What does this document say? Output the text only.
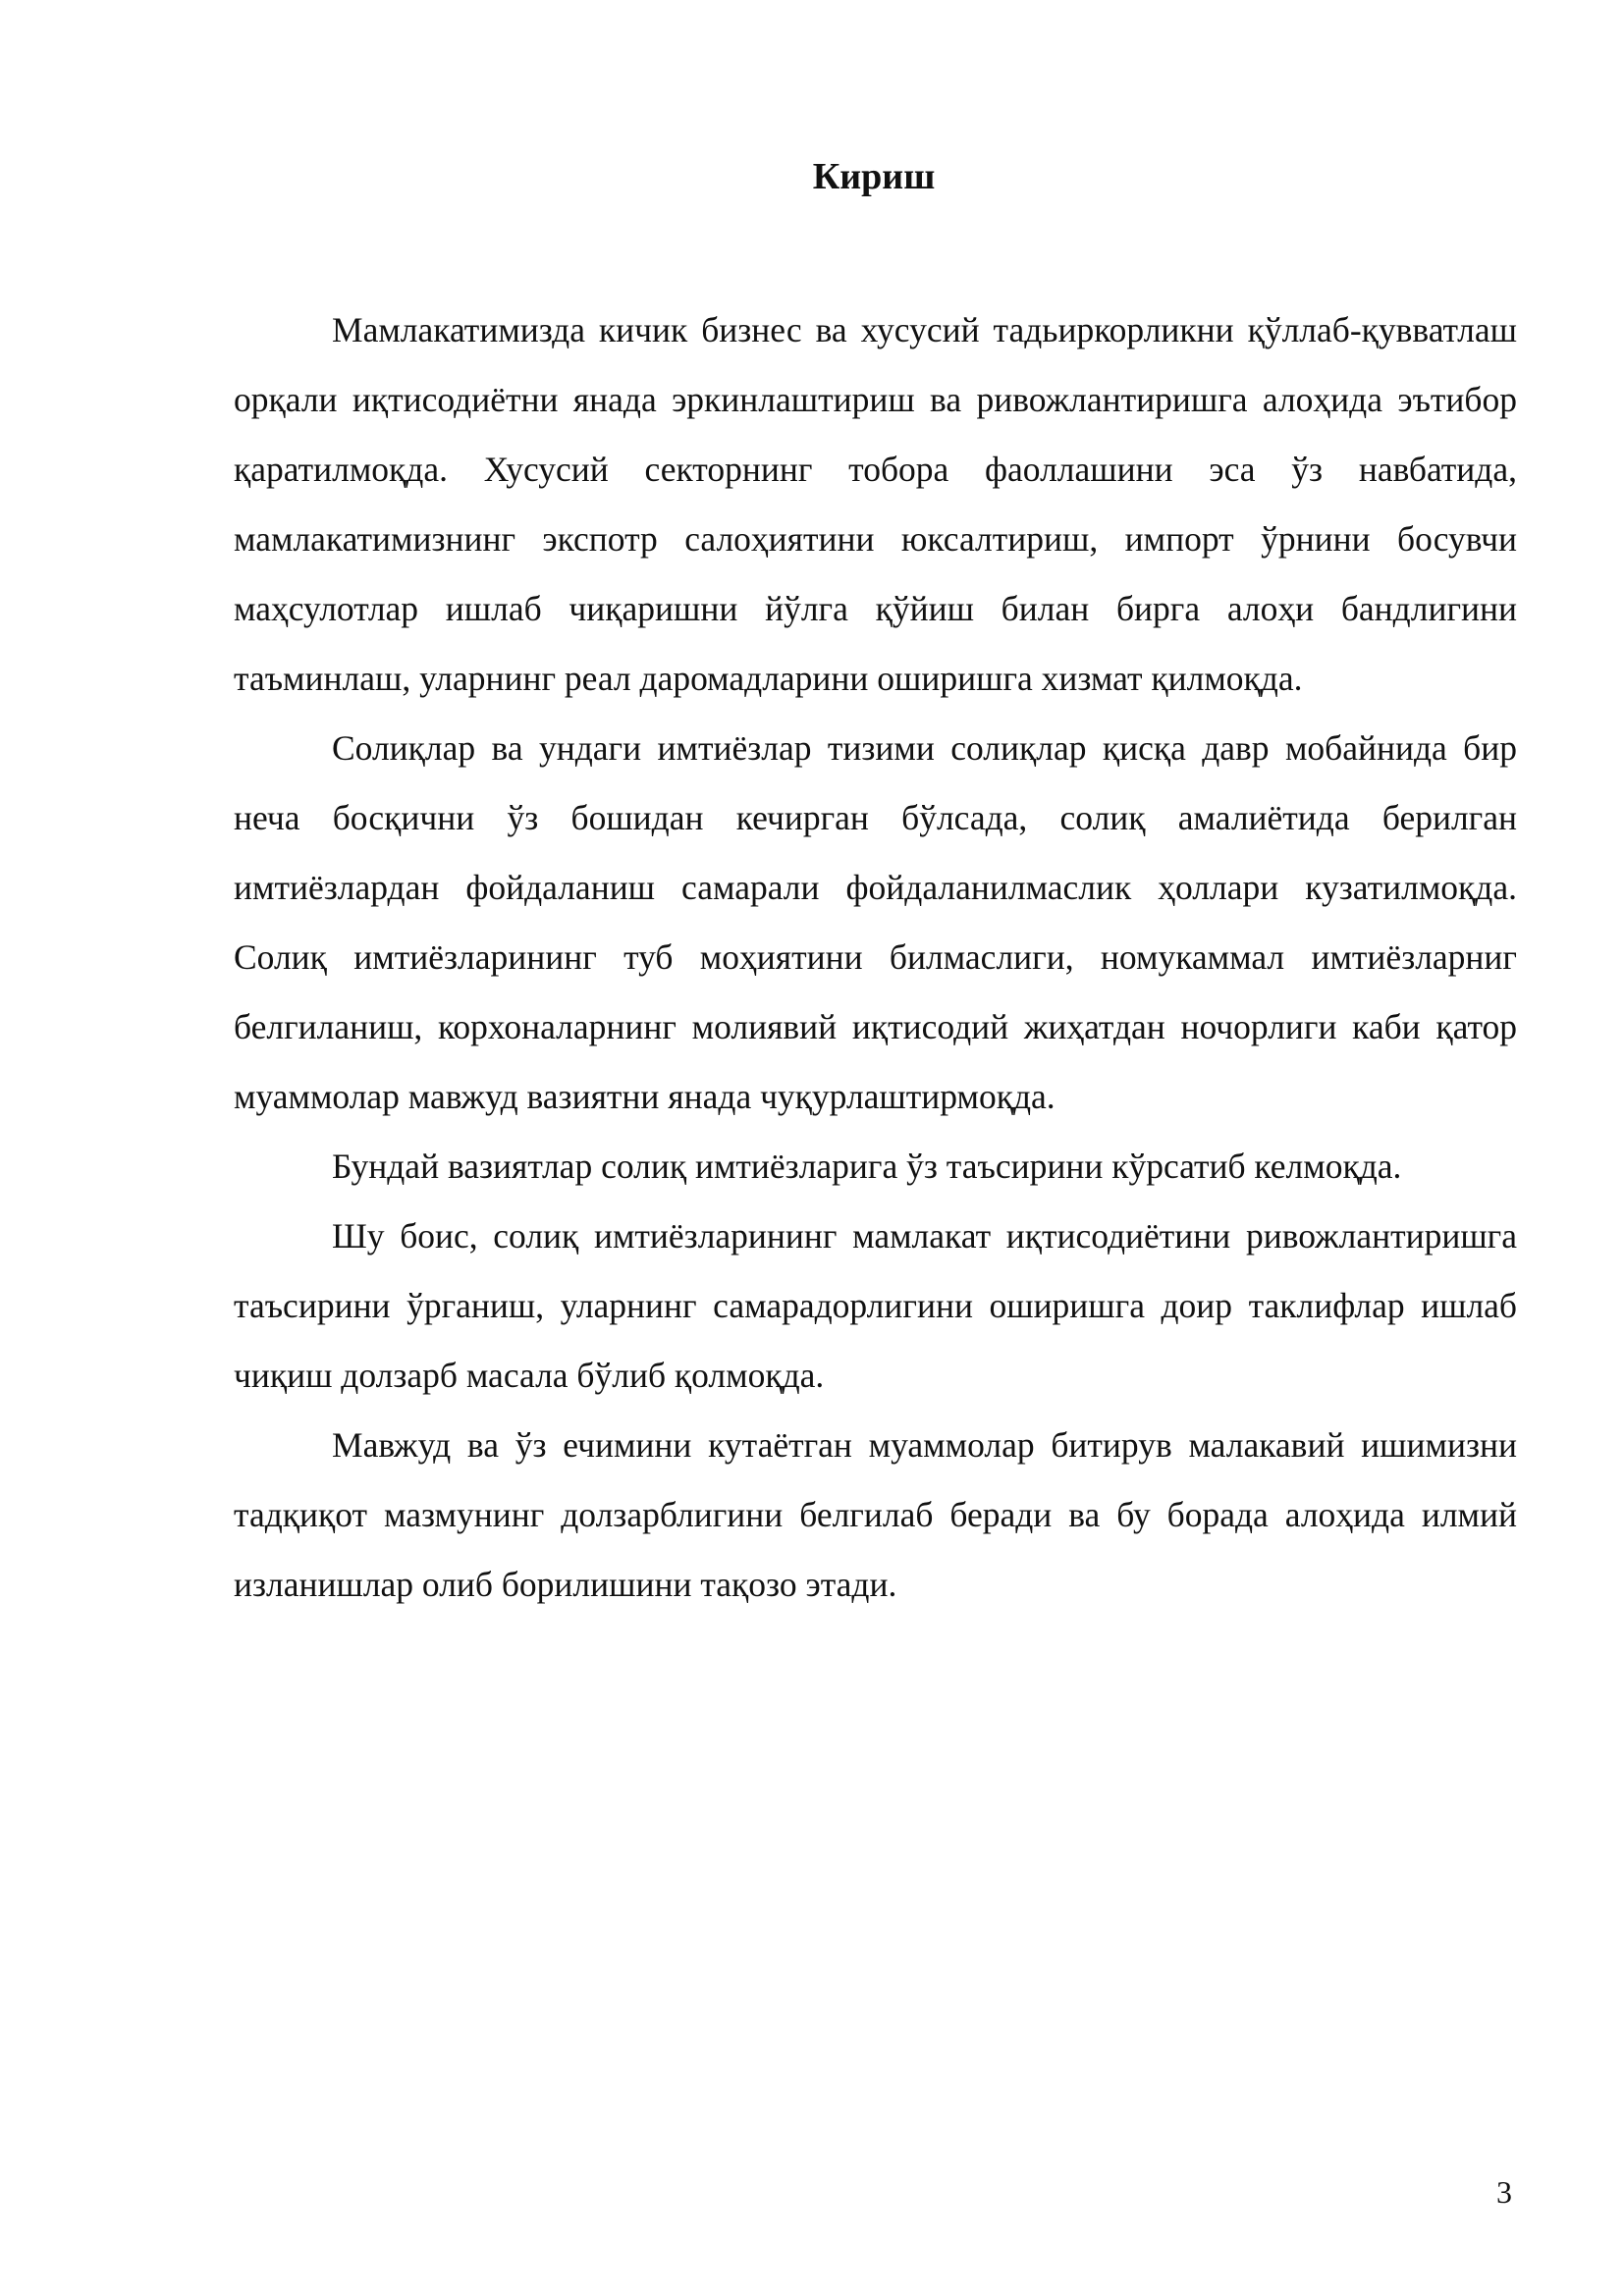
Кириш

Мамлакатимизда кичик бизнес ва хусусий тадьиркорликни қўллаб-қувватлаш орқали иқтисодиётни янада эркинлаштириш ва ривожлантиришга алоҳида эътибор қаратилмоқда. Хусусий секторнинг тобора фаоллашини эса ўз навбатида, мамлакатимизнинг экспотр салоҳиятини юксалтириш, импорт ўрнини босувчи маҳсулотлар ишлаб чиқаришни йўлга қўйиш билан бирга алоҳи бандлигини таъминлаш, уларнинг реал даромадларини оширишга хизмат қилмоқда.

Солиқлар ва ундаги имтиёзлар тизими солиқлар қисқа давр мобайнида бир неча босқични ўз бошидан кечирган бўлсада, солиқ амалиётида берилган имтиёзлардан фойдаланиш самарали фойдаланилмаслик ҳоллари кузатилмоқда. Солиқ имтиёзларининг туб моҳиятини билмаслиги, номукаммал имтиёзларниг белгиланиш, корхоналарнинг молиявий иқтисодий жиҳатдан ночорлиги каби қатор муаммолар мавжуд вазиятни янада чуқурлаштирмоқда.

Бундай вазиятлар солиқ имтиёзларига ўз таъсирини кўрсатиб келмоқда.

Шу боис, солиқ имтиёзларининг мамлакат иқтисодиётини ривожлантиришга таъсирини ўрганиш, уларнинг самарадорлигини оширишга доир таклифлар ишлаб чиқиш долзарб масала бўлиб қолмоқда.

Мавжуд ва ўз ечимини кутаётган муаммолар битирув малакавий ишимизни тадқиқот мазмунинг долзарблигини белгилаб беради ва бу борада алоҳида илмий изланишлар олиб борилишини тақозо этади.

3
